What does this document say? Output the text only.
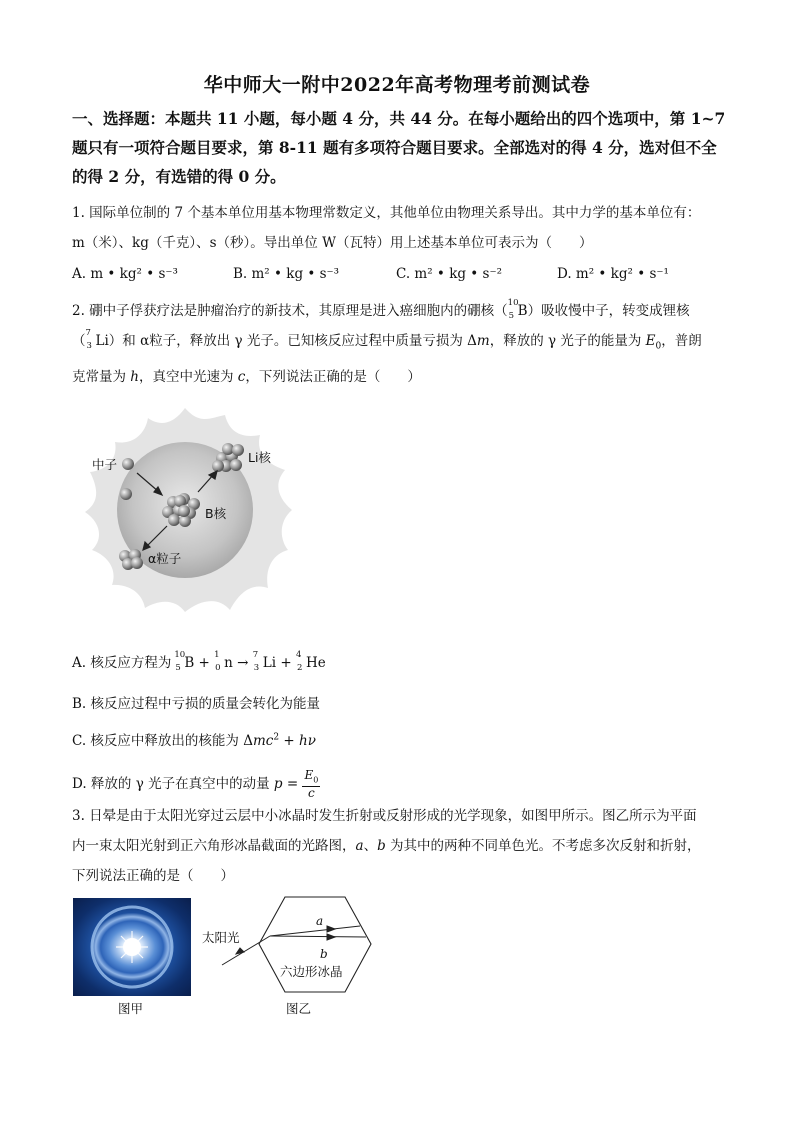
华中师大一附中2022年高考物理考前测试卷
一、选择题：本题共 11 小题，每小题 4 分，共 44 分。在每小题给出的四个选项中，第 1~7
题只有一项符合题目要求，第 8-11 题有多项符合题目要求。全部选对的得 4 分，选对但不全
的得 2 分，有选错的得 0 分。
1. 国际单位制的 7 个基本单位用基本物理常数定义，其他单位由物理关系导出。其中力学的基本单位有：
m（米）、kg（千克）、s（秒）。导出单位 W（瓦特）用上述基本单位可表示为（　　）
A. m • kg² • s⁻³	B. m² • kg • s⁻³	C. m² • kg • s⁻²	D. m² • kg² • s⁻¹
2. 硼中子俘获疗法是肿瘤治疗的新技术，其原理是进入癌细胞内的硼核（ 10
5 B）吸收慢中子，转变成锂核
（ 7
3 Li）和 α粒子，释放出 γ 光子。已知核反应过程中质量亏损为 Δm，释放的 γ 光子的能量为 $E_0$，普朗
克常量为 h，真空中光速为 c，下列说法正确的是（　　）
中子	Li核
B核
α粒子
A. 核反应方程为 10
5 B + 1
0 n → 7
3 Li + 4
2 He
B. 核反应过程中亏损的质量会转化为能量
C. 核反应中释放出的核能为 Δmc$^2$ + hν
D. 释放的 γ 光子在真空中的动量 $p = \frac{E_0}{c}$
3. 日晕是由于太阳光穿过云层中小冰晶时发生折射或反射形成的光学现象，如图甲所示。图乙所示为平面
内一束太阳光射到正六角形冰晶截面的光路图，a、b 为其中的两种不同单色光。不考虑多次反射和折射，
下列说法正确的是（　　）
图甲
太阳光
a
b
六边形冰晶
图乙
